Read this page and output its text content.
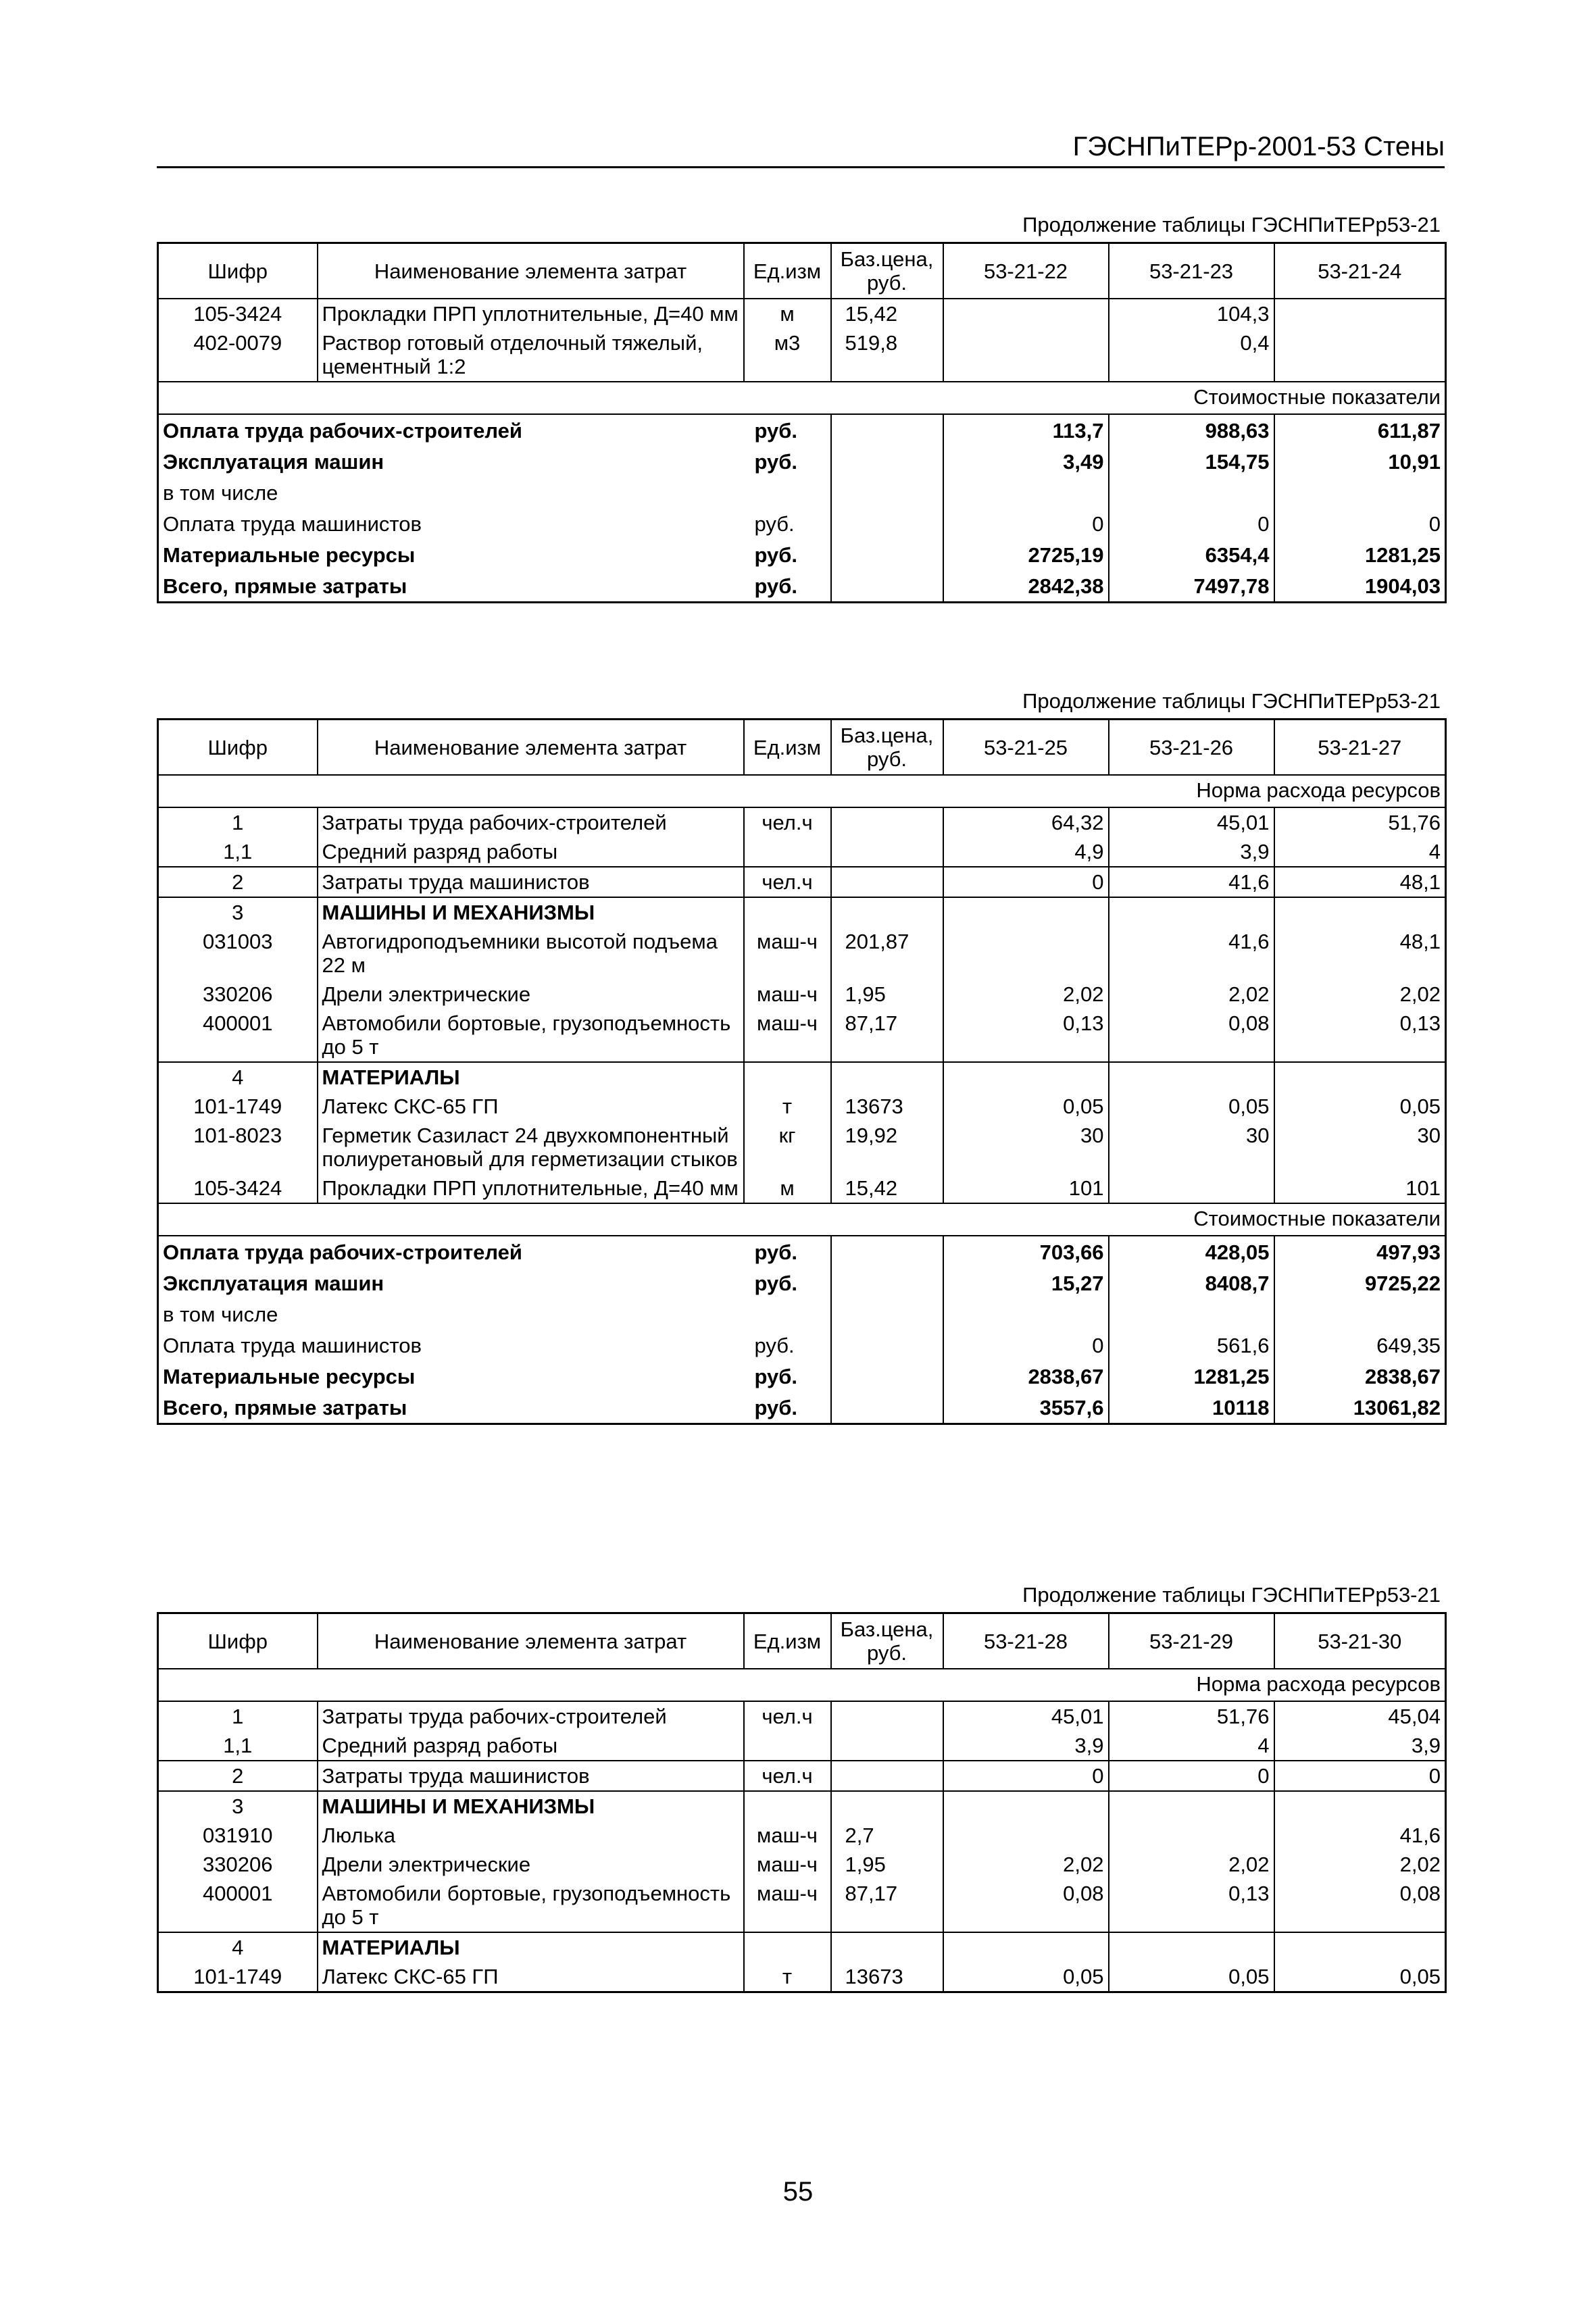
ГЭСНПиТЕРр-2001-53 Стены
Продолжение таблицы ГЭСНПиТЕРр53-21
Шифр	Наименование элемента затрат	Ед.изм	Баз.цена, руб.	53-21-22	53-21-23	53-21-24
105-3424	Прокладки ПРП уплотнительные, Д=40 мм	м	15,42		104,3	
402-0079	Раствор готовый отделочный тяжелый, цементный 1:2	м3	519,8		0,4	
Стоимостные показатели						
Оплата труда рабочих-строителей		руб.		113,7	988,63	611,87
Эксплуатация машин		руб.		3,49	154,75	10,91
в том числе						
Оплата труда машинистов		руб.		0	0	0
Материальные ресурсы		руб.		2725,19	6354,4	1281,25
Всего, прямые затраты		руб.		2842,38	7497,78	1904,03
Продолжение таблицы ГЭСНПиТЕРр53-21
Шифр	Наименование элемента затрат	Ед.изм	Баз.цена, руб.	53-21-25	53-21-26	53-21-27
Норма расхода ресурсов						
1	Затраты труда рабочих-строителей	чел.ч		64,32	45,01	51,76
1,1	Средний разряд работы			4,9	3,9	4
2	Затраты труда машинистов	чел.ч		0	41,6	48,1
3	МАШИНЫ И МЕХАНИЗМЫ					
031003	Автогидроподъемники высотой подъема 22 м	маш-ч	201,87		41,6	48,1
330206	Дрели электрические	маш-ч	1,95	2,02	2,02	2,02
400001	Автомобили бортовые, грузоподъемность до 5 т	маш-ч	87,17	0,13	0,08	0,13
4	МАТЕРИАЛЫ					
101-1749	Латекс СКС-65 ГП	т	13673	0,05	0,05	0,05
101-8023	Герметик Сазиласт 24 двухкомпонентный полиуретановый для герметизации стыков	кг	19,92	30	30	30
105-3424	Прокладки ПРП уплотнительные, Д=40 мм	м	15,42	101		101
Стоимостные показатели						
Оплата труда рабочих-строителей		руб.		703,66	428,05	497,93
Эксплуатация машин		руб.		15,27	8408,7	9725,22
в том числе						
Оплата труда машинистов		руб.		0	561,6	649,35
Материальные ресурсы		руб.		2838,67	1281,25	2838,67
Всего, прямые затраты		руб.		3557,6	10118	13061,82
Продолжение таблицы ГЭСНПиТЕРр53-21
Шифр	Наименование элемента затрат	Ед.изм	Баз.цена, руб.	53-21-28	53-21-29	53-21-30
Норма расхода ресурсов						
1	Затраты труда рабочих-строителей	чел.ч		45,01	51,76	45,04
1,1	Средний разряд работы			3,9	4	3,9
2	Затраты труда машинистов	чел.ч		0	0	0
3	МАШИНЫ И МЕХАНИЗМЫ					
031910	Люлька	маш-ч	2,7			41,6
330206	Дрели электрические	маш-ч	1,95	2,02	2,02	2,02
400001	Автомобили бортовые, грузоподъемность до 5 т	маш-ч	87,17	0,08	0,13	0,08
4	МАТЕРИАЛЫ					
101-1749	Латекс СКС-65 ГП	т	13673	0,05	0,05	0,05
55
